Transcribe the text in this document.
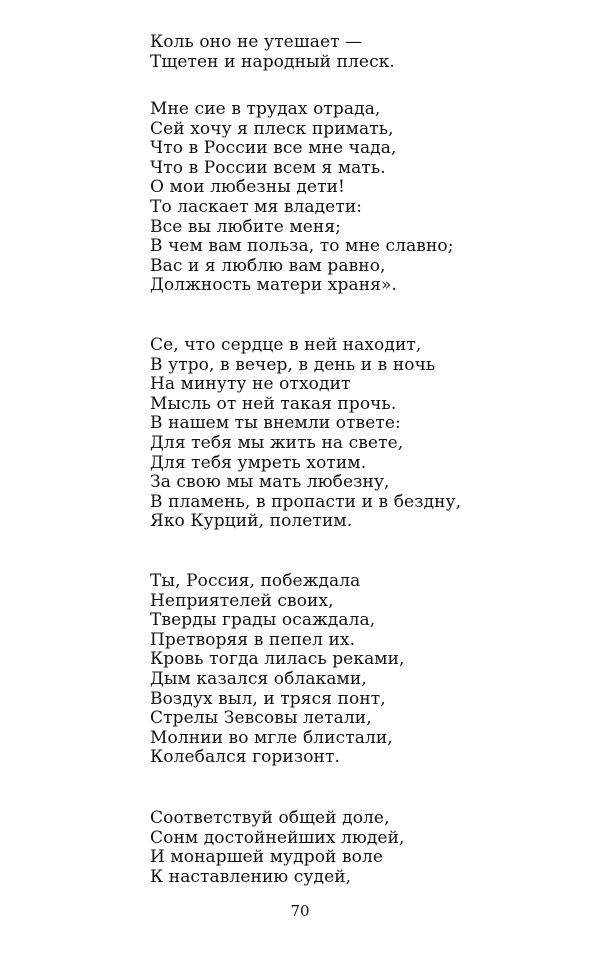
Коль оно не утешает —
Тщетен и народный плеск.
Мне сие в трудах отрада,
Сей хочу я плеск примать,
Что в России все мне чада,
Что в России всем я мать.
О мои любезны дети!
То ласкает мя владети:
Все вы любите меня;
В чем вам польза, то мне славно;
Вас и я люблю вам равно,
Должность матери храня».
Се, что сердце в ней находит,
В утро, в вечер, в день и в ночь
На минуту не отходит
Мысль от ней такая прочь.
В нашем ты внемли ответе:
Для тебя мы жить на свете,
Для тебя умреть хотим.
За свою мы мать любезну,
В пламень, в пропасти и в бездну,
Яко Курций, полетим.
Ты, Россия, побеждала
Неприятелей своих,
Тверды грады осаждала,
Претворяя в пепел их.
Кровь тогда лилась реками,
Дым казался облаками,
Воздух выл, и тряся понт,
Стрелы Зевсовы летали,
Молнии во мгле блистали,
Колебался горизонт.
Соответствуй общей доле,
Сонм достойнейших людей,
И монаршей мудрой воле
К наставлению судей,
70
